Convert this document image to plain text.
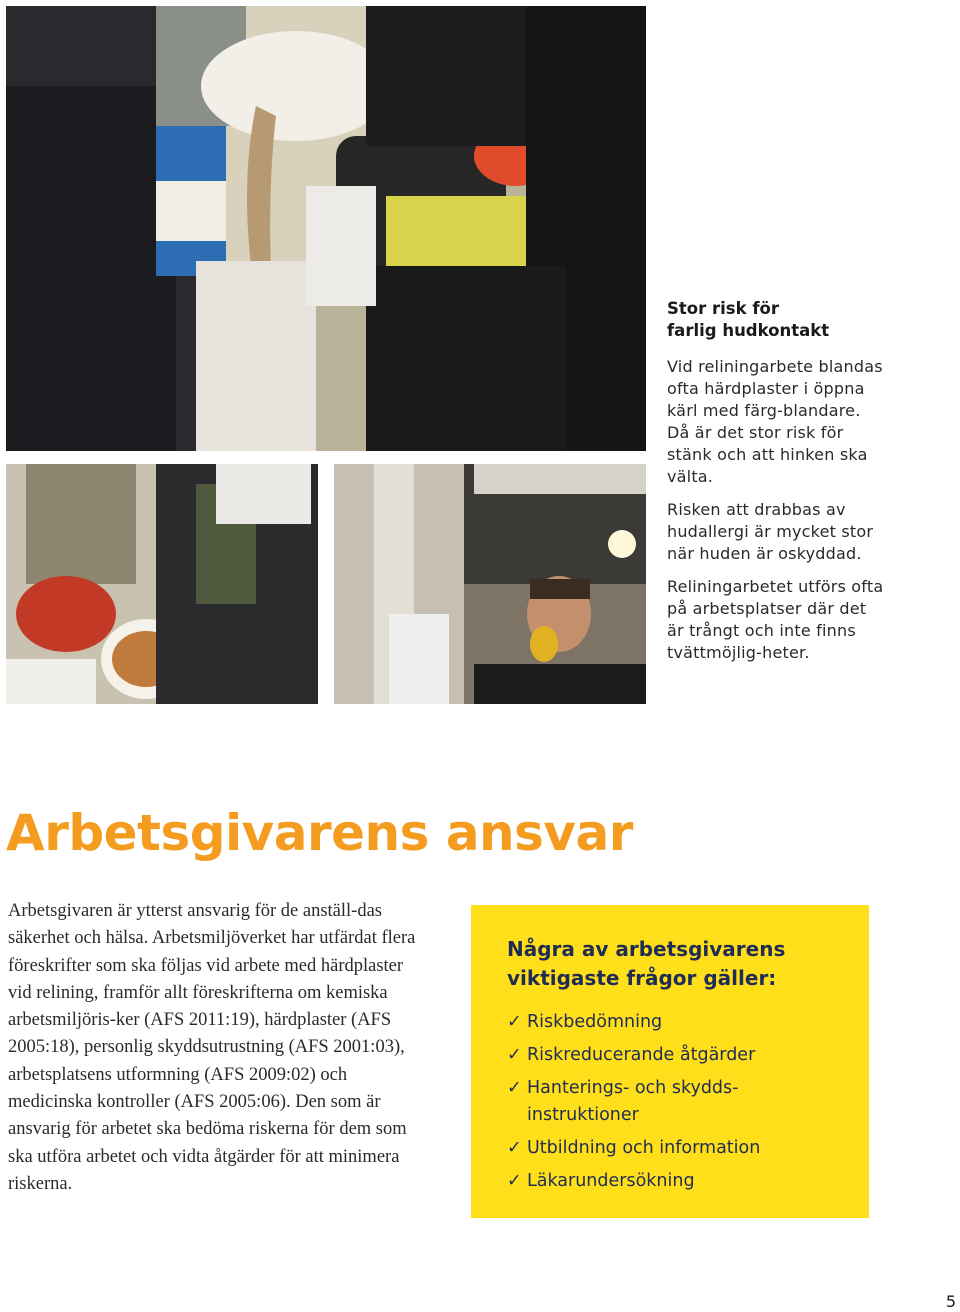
Stor risk för
farlig hudkontakt

Vid reliningarbete blandas ofta härdplaster i öppna kärl med färg-blandare. Då är det stor risk för stänk och att hinken ska välta.

Risken att drabbas av hudallergi är mycket stor när huden är oskyddad.

Reliningarbetet utförs ofta på arbetsplatser där det är trångt och inte finns tvättmöjlig-heter.

Arbetsgivarens ansvar

Arbetsgivaren är ytterst ansvarig för de anställ-das säkerhet och hälsa. Arbetsmiljöverket har utfärdat flera föreskrifter som ska följas vid arbete med härdplaster vid relining, framför allt föreskrifterna om kemiska arbetsmiljöris-ker (AFS 2011:19), härdplaster (AFS 2005:18), personlig skyddsutrustning (AFS 2001:03), arbetsplatsens utformning (AFS 2009:02) och medicinska kontroller (AFS 2005:06). Den som är ansvarig för arbetet ska bedöma riskerna för dem som ska utföra arbetet och vidta åtgärder för att minimera riskerna.

Några av arbetsgivarens viktigaste frågor gäller:
✓ Riskbedömning
✓ Riskreducerande åtgärder
✓ Hanterings- och skydds-instruktioner
✓ Utbildning och information
✓ Läkarundersökning
5
